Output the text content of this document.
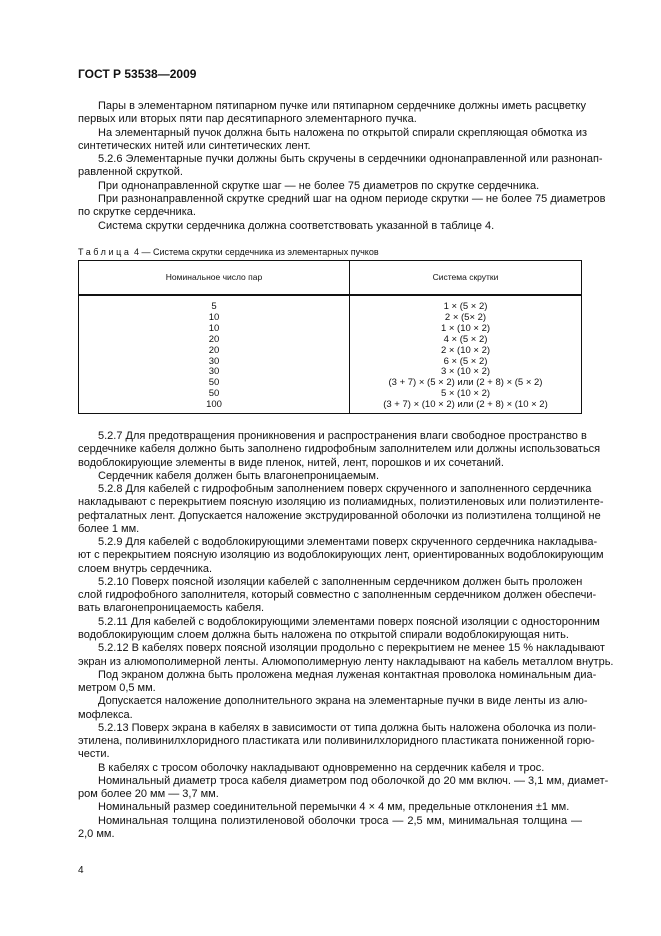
ГОСТ Р 53538—2009
Пары в элементарном пятипарном пучке или пятипарном сердечнике должны иметь расцветку
первых или вторых пяти пар десятипарного элементарного пучка.
На элементарный пучок должна быть наложена по открытой спирали скрепляющая обмотка из
синтетических нитей или синтетических лент.
5.2.6 Элементарные пучки должны быть скручены в сердечники однонаправленной или разнонап-
равленной скруткой.
При однонаправленной скрутке шаг — не более 75 диаметров по скрутке сердечника.
При разнонаправленной скрутке средний шаг на одном периоде скрутки — не более 75 диаметров
по скрутке сердечника.
Система скрутки сердечника должна соответствовать указанной в таблице 4.
Таблица 4 — Система скрутки сердечника из элементарных пучков
Номинальное число пар	Система скрутки
5	1 × (5 × 2)
10	2 × (5× 2)
10	1 × (10 × 2)
20	4 × (5 × 2)
20	2 × (10 × 2)
30	6 × (5 × 2)
30	3 × (10 × 2)
50	(3 + 7) × (5 × 2) или (2 + 8) × (5 × 2)
50	5 × (10 × 2)
100	(3 + 7) × (10 × 2) или (2 + 8) × (10 × 2)
5.2.7 Для предотвращения проникновения и распространения влаги свободное пространство в
сердечнике кабеля должно быть заполнено гидрофобным заполнителем или должны использоваться
водоблокирующие элементы в виде пленок, нитей, лент, порошков и их сочетаний.
Сердечник кабеля должен быть влагонепроницаемым.
5.2.8 Для кабелей с гидрофобным заполнением поверх скрученного и заполненного сердечника
накладывают с перекрытием поясную изоляцию из полиамидных, полиэтиленовых или полиэтиленте-
рефталатных лент. Допускается наложение экструдированной оболочки из полиэтилена толщиной не
более 1 мм.
5.2.9 Для кабелей с водоблокирующими элементами поверх скрученного сердечника накладыва-
ют с перекрытием поясную изоляцию из водоблокирующих лент, ориентированных водоблокирующим
слоем внутрь сердечника.
5.2.10 Поверх поясной изоляции кабелей с заполненным сердечником должен быть проложен
слой гидрофобного заполнителя, который совместно с заполненным сердечником должен обеспечи-
вать влагонепроницаемость кабеля.
5.2.11 Для кабелей с водоблокирующими элементами поверх поясной изоляции с односторонним
водоблокирующим слоем должна быть наложена по открытой спирали водоблокирующая нить.
5.2.12 В кабелях поверх поясной изоляции продольно с перекрытием не менее 15 % накладывают
экран из алюмополимерной ленты. Алюмополимерную ленту накладывают на кабель металлом внутрь.
Под экраном должна быть проложена медная луженая контактная проволока номинальным диа-
метром 0,5 мм.
Допускается наложение дополнительного экрана на элементарные пучки в виде ленты из алю-
мофлекса.
5.2.13 Поверх экрана в кабелях в зависимости от типа должна быть наложена оболочка из поли-
этилена, поливинилхлоридного пластиката или поливинилхлоридного пластиката пониженной горю-
чести.
В кабелях с тросом оболочку накладывают одновременно на сердечник кабеля и трос.
Номинальный диаметр троса кабеля диаметром под оболочкой до 20 мм включ. — 3,1 мм, диамет-
ром более 20 мм — 3,7 мм.
Номинальный размер соединительной перемычки 4 × 4 мм, предельные отклонения ±1 мм.
Номинальная толщина полиэтиленовой оболочки троса — 2,5 мм, минимальная толщина —
2,0 мм.
4
